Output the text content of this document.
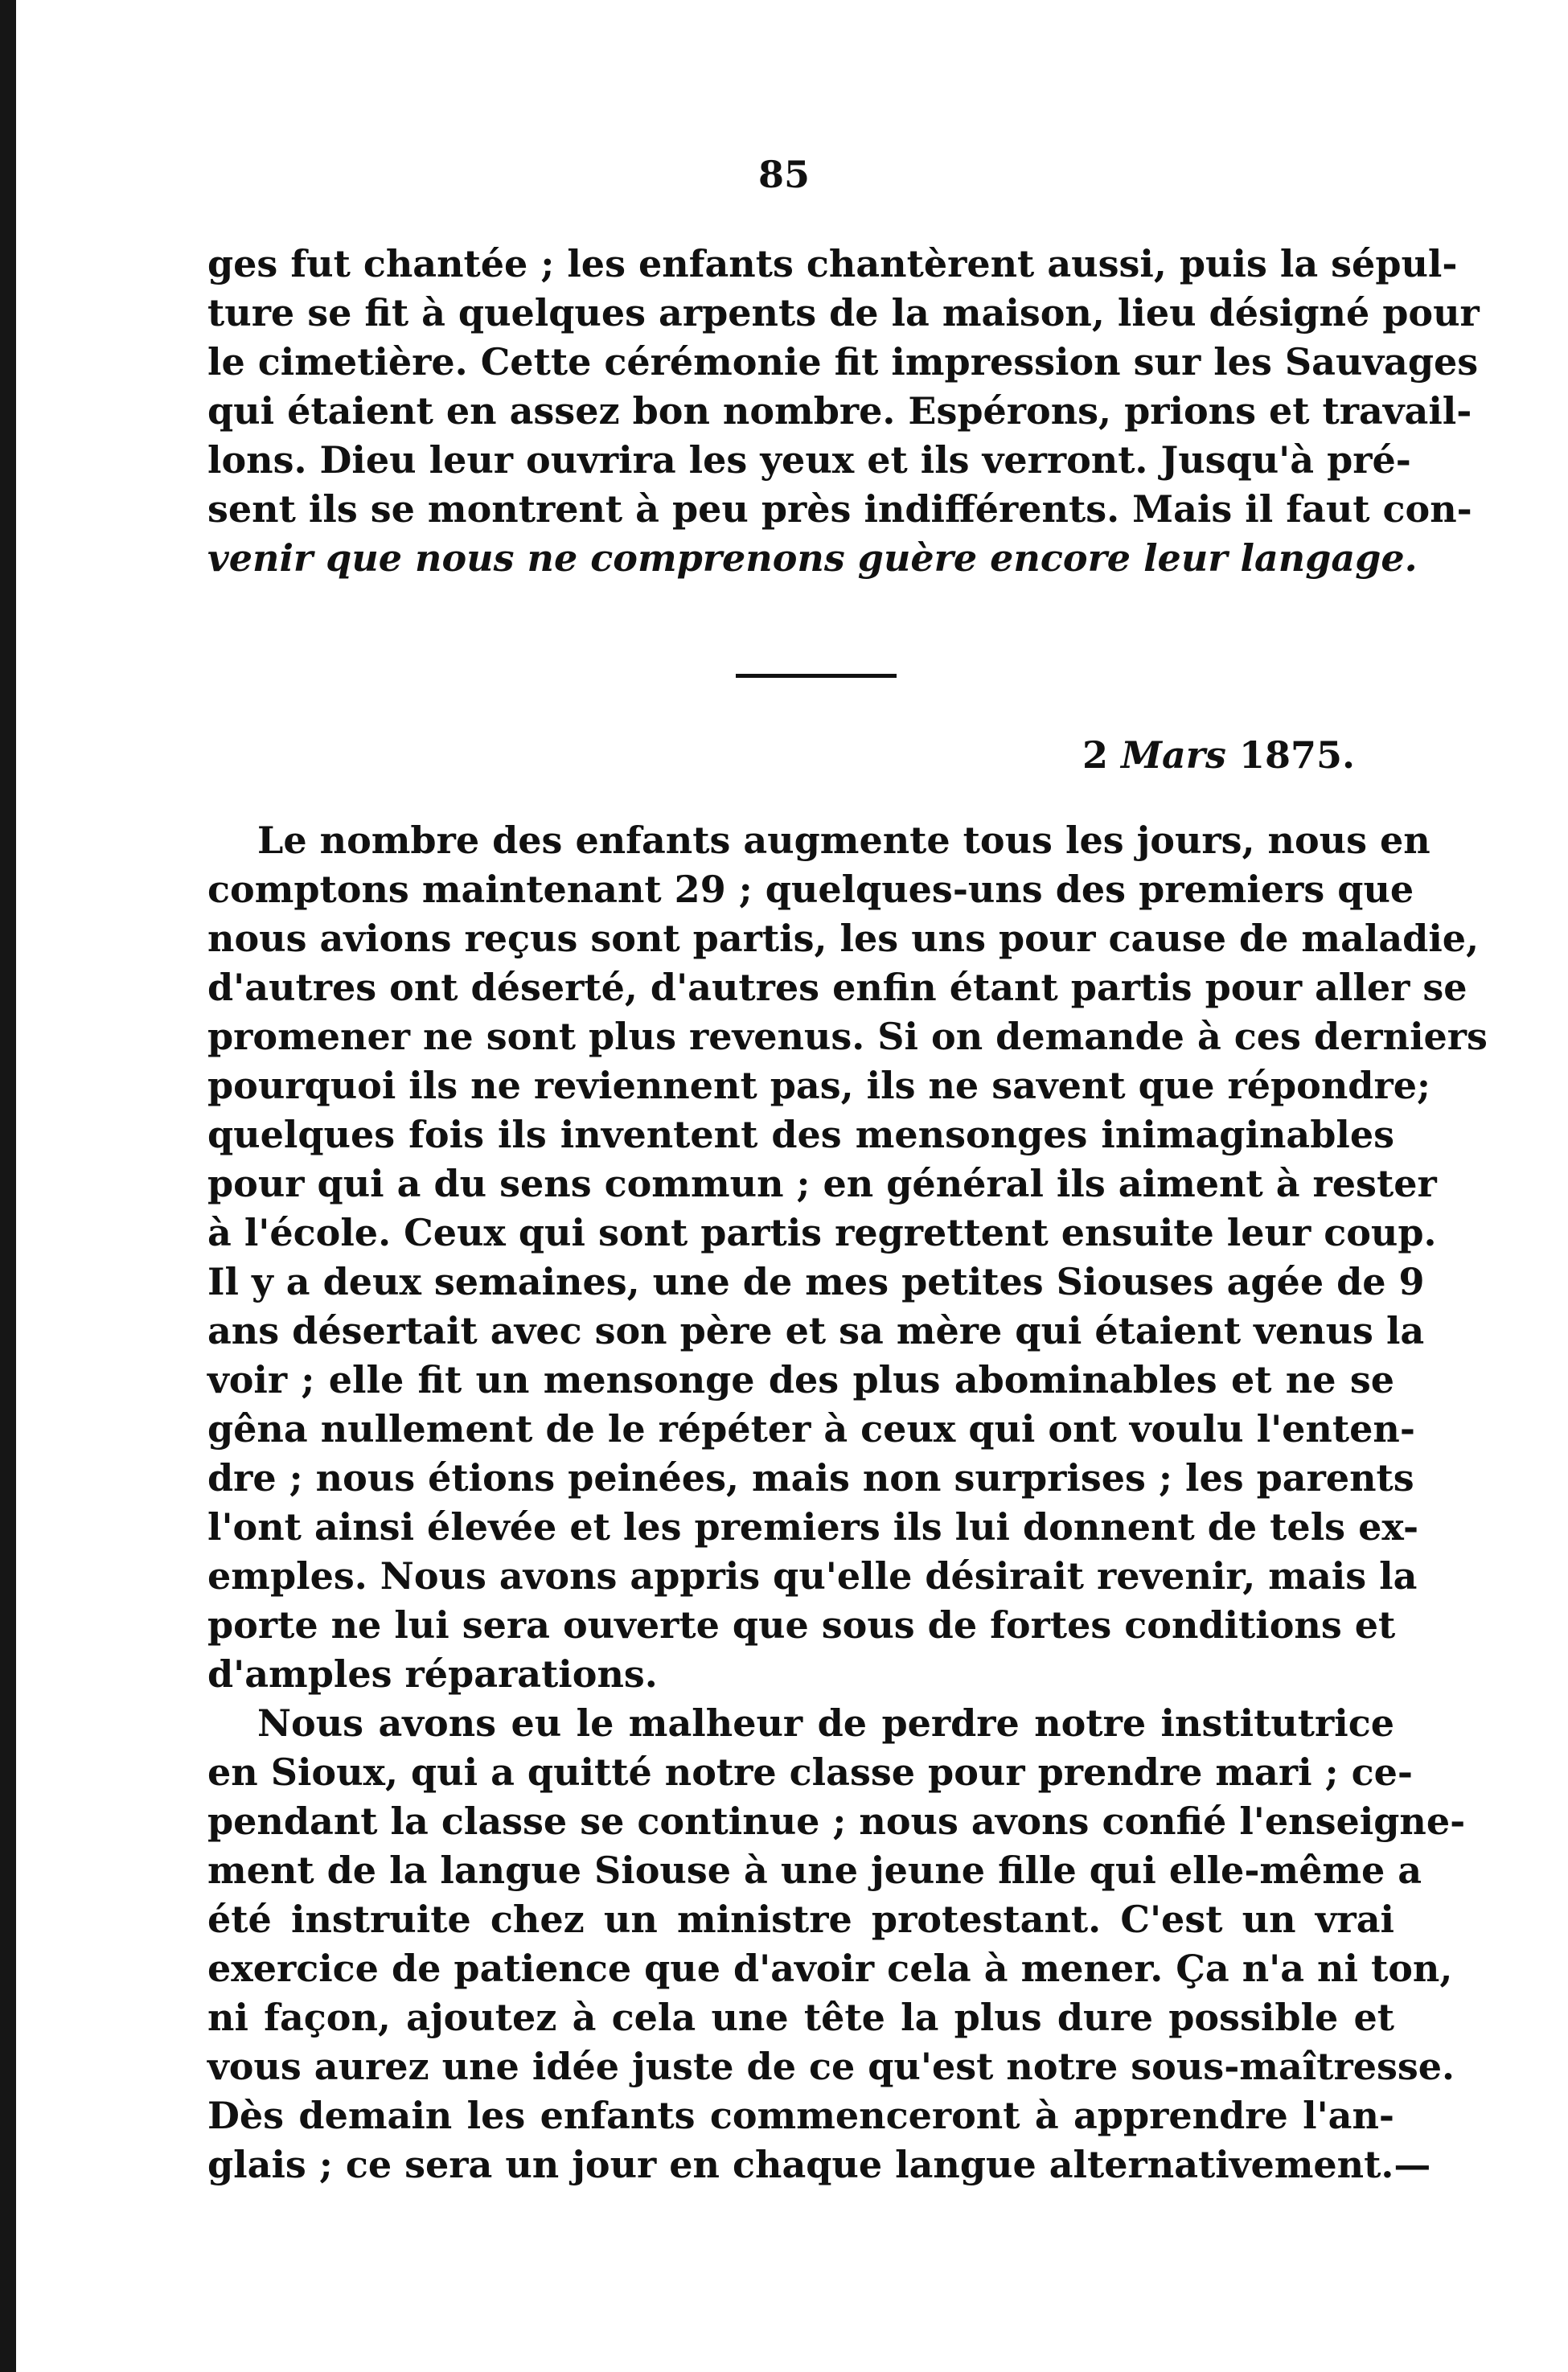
85
ges fut chantée ; les enfants chantèrent aussi, puis la sépul-
ture se fit à quelques arpents de la maison, lieu désigné pour
le cimetière. Cette cérémonie fit impression sur les Sauvages
qui étaient en assez bon nombre. Espérons, prions et travail-
lons. Dieu leur ouvrira les yeux et ils verront. Jusqu'à pré-
sent ils se montrent à peu près indifférents. Mais il faut con-
venir que nous ne comprenons guère encore leur langage.
2 Mars 1875.
Le nombre des enfants augmente tous les jours, nous en
comptons maintenant 29 ; quelques-uns des premiers que
nous avions reçus sont partis, les uns pour cause de maladie,
d'autres ont déserté, d'autres enfin étant partis pour aller se
promener ne sont plus revenus. Si on demande à ces derniers
pourquoi ils ne reviennent pas, ils ne savent que répondre;
quelques fois ils inventent des mensonges inimaginables
pour qui a du sens commun ; en général ils aiment à rester
à l'école. Ceux qui sont partis regrettent ensuite leur coup.
Il y a deux semaines, une de mes petites Siouses agée de 9
ans désertait avec son père et sa mère qui étaient venus la
voir ; elle fit un mensonge des plus abominables et ne se
gêna nullement de le répéter à ceux qui ont voulu l'enten-
dre ; nous étions peinées, mais non surprises ; les parents
l'ont ainsi élevée et les premiers ils lui donnent de tels ex-
emples. Nous avons appris qu'elle désirait revenir, mais la
porte ne lui sera ouverte que sous de fortes conditions et
d'amples réparations.
Nous avons eu le malheur de perdre notre institutrice
en Sioux, qui a quitté notre classe pour prendre mari ; ce-
pendant la classe se continue ; nous avons confié l'enseigne-
ment de la langue Siouse à une jeune fille qui elle-même a
été instruite chez un ministre protestant. C'est un vrai
exercice de patience que d'avoir cela à mener. Ça n'a ni ton,
ni façon, ajoutez à cela une tête la plus dure possible et
vous aurez une idée juste de ce qu'est notre sous-maîtresse.
Dès demain les enfants commenceront à apprendre l'an-
glais ; ce sera un jour en chaque langue alternativement.—
